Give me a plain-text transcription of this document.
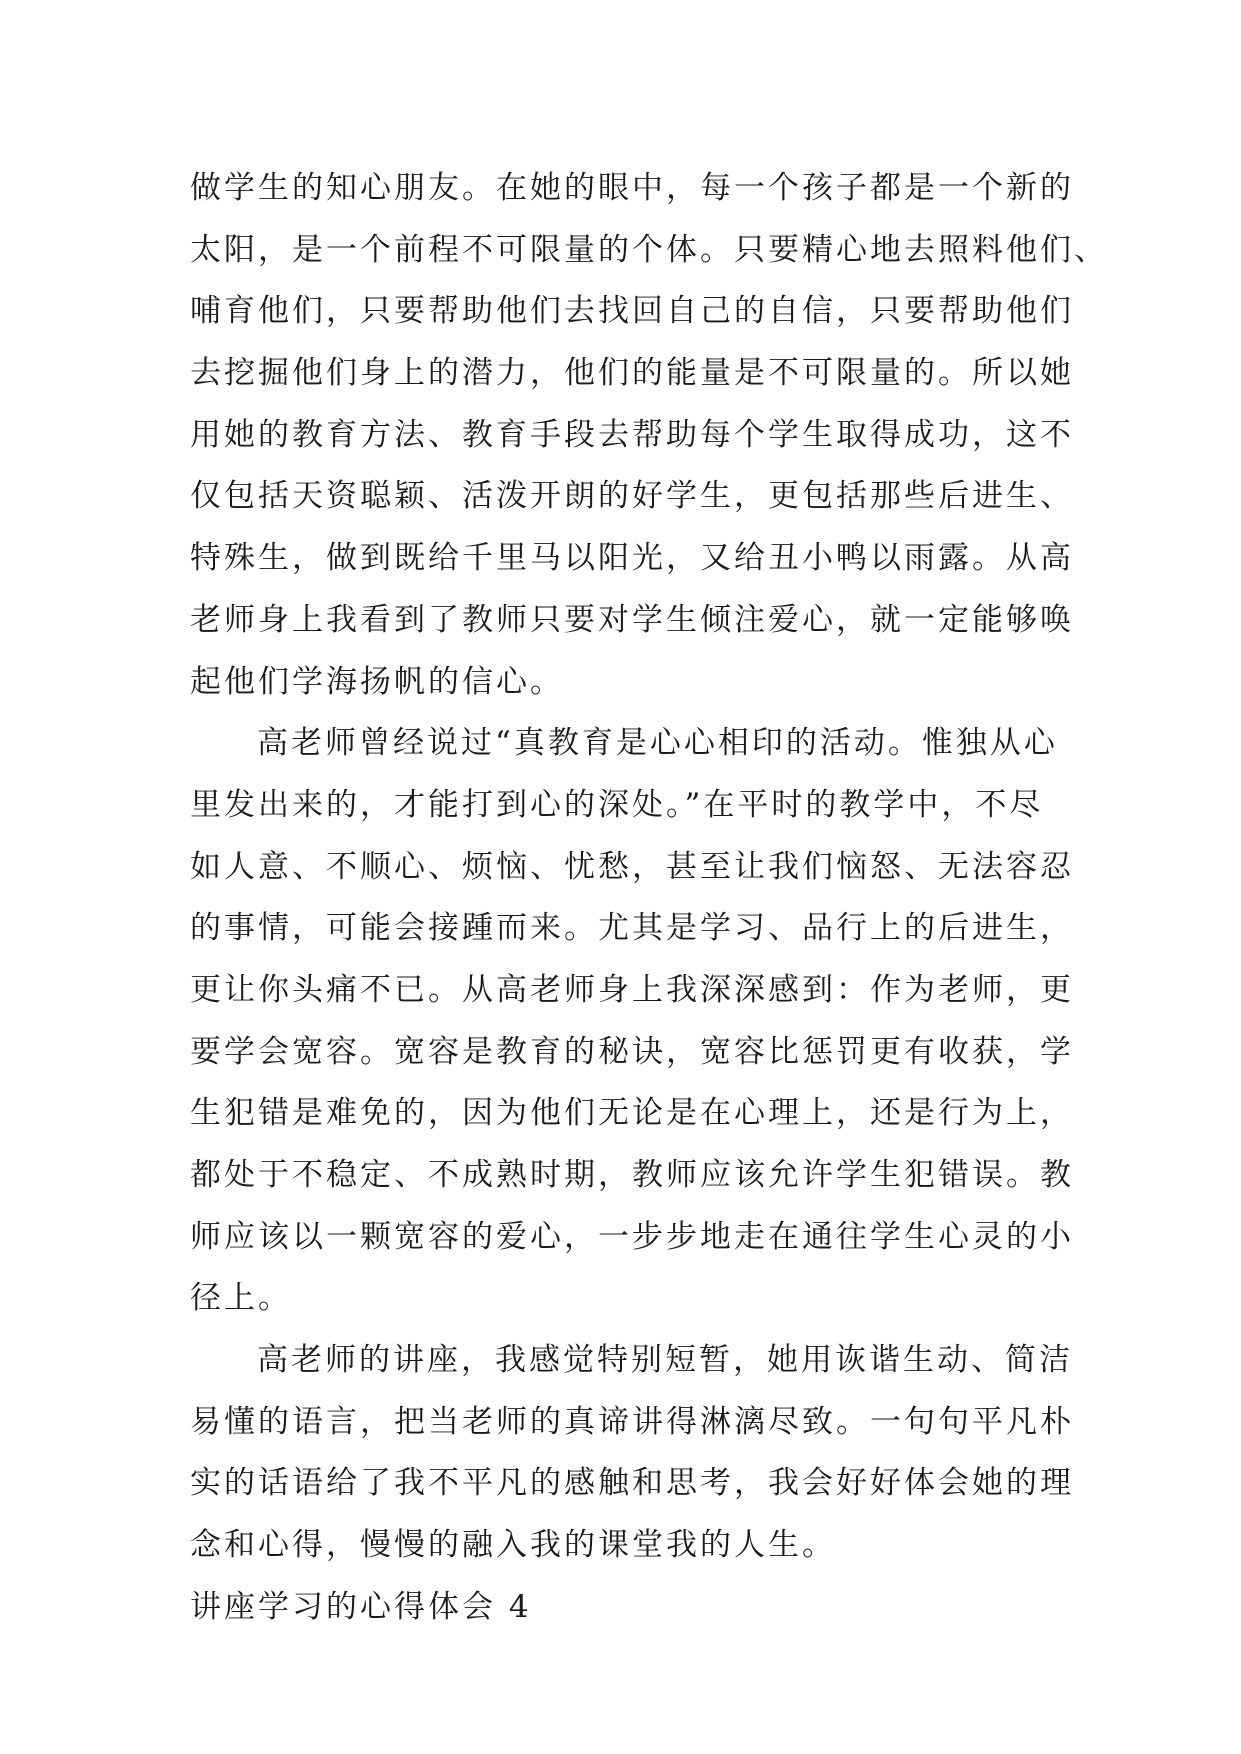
做学生的知心朋友。在她的眼中，每一个孩子都是一个新的
太阳，是一个前程不可限量的个体。只要精心地去照料他们、
哺育他们，只要帮助他们去找回自己的自信，只要帮助他们
去挖掘他们身上的潜力，他们的能量是不可限量的。所以她
用她的教育方法、教育手段去帮助每个学生取得成功，这不
仅包括天资聪颖、活泼开朗的好学生，更包括那些后进生、
特殊生，做到既给千里马以阳光，又给丑小鸭以雨露。从高
老师身上我看到了教师只要对学生倾注爱心，就一定能够唤
起他们学海扬帆的信心。
高老师曾经说过“真教育是心心相印的活动。惟独从心
里发出来的，才能打到心的深处。”在平时的教学中，不尽
如人意、不顺心、烦恼、忧愁，甚至让我们恼怒、无法容忍
的事情，可能会接踵而来。尤其是学习、品行上的后进生，
更让你头痛不已。从高老师身上我深深感到：作为老师，更
要学会宽容。宽容是教育的秘诀，宽容比惩罚更有收获，学
生犯错是难免的，因为他们无论是在心理上，还是行为上，
都处于不稳定、不成熟时期，教师应该允许学生犯错误。教
师应该以一颗宽容的爱心，一步步地走在通往学生心灵的小
径上。
高老师的讲座，我感觉特别短暂，她用诙谐生动、简洁
易懂的语言，把当老师的真谛讲得淋漓尽致。一句句平凡朴
实的话语给了我不平凡的感触和思考，我会好好体会她的理
念和心得，慢慢的融入我的课堂我的人生。
讲座学习的心得体会 4
